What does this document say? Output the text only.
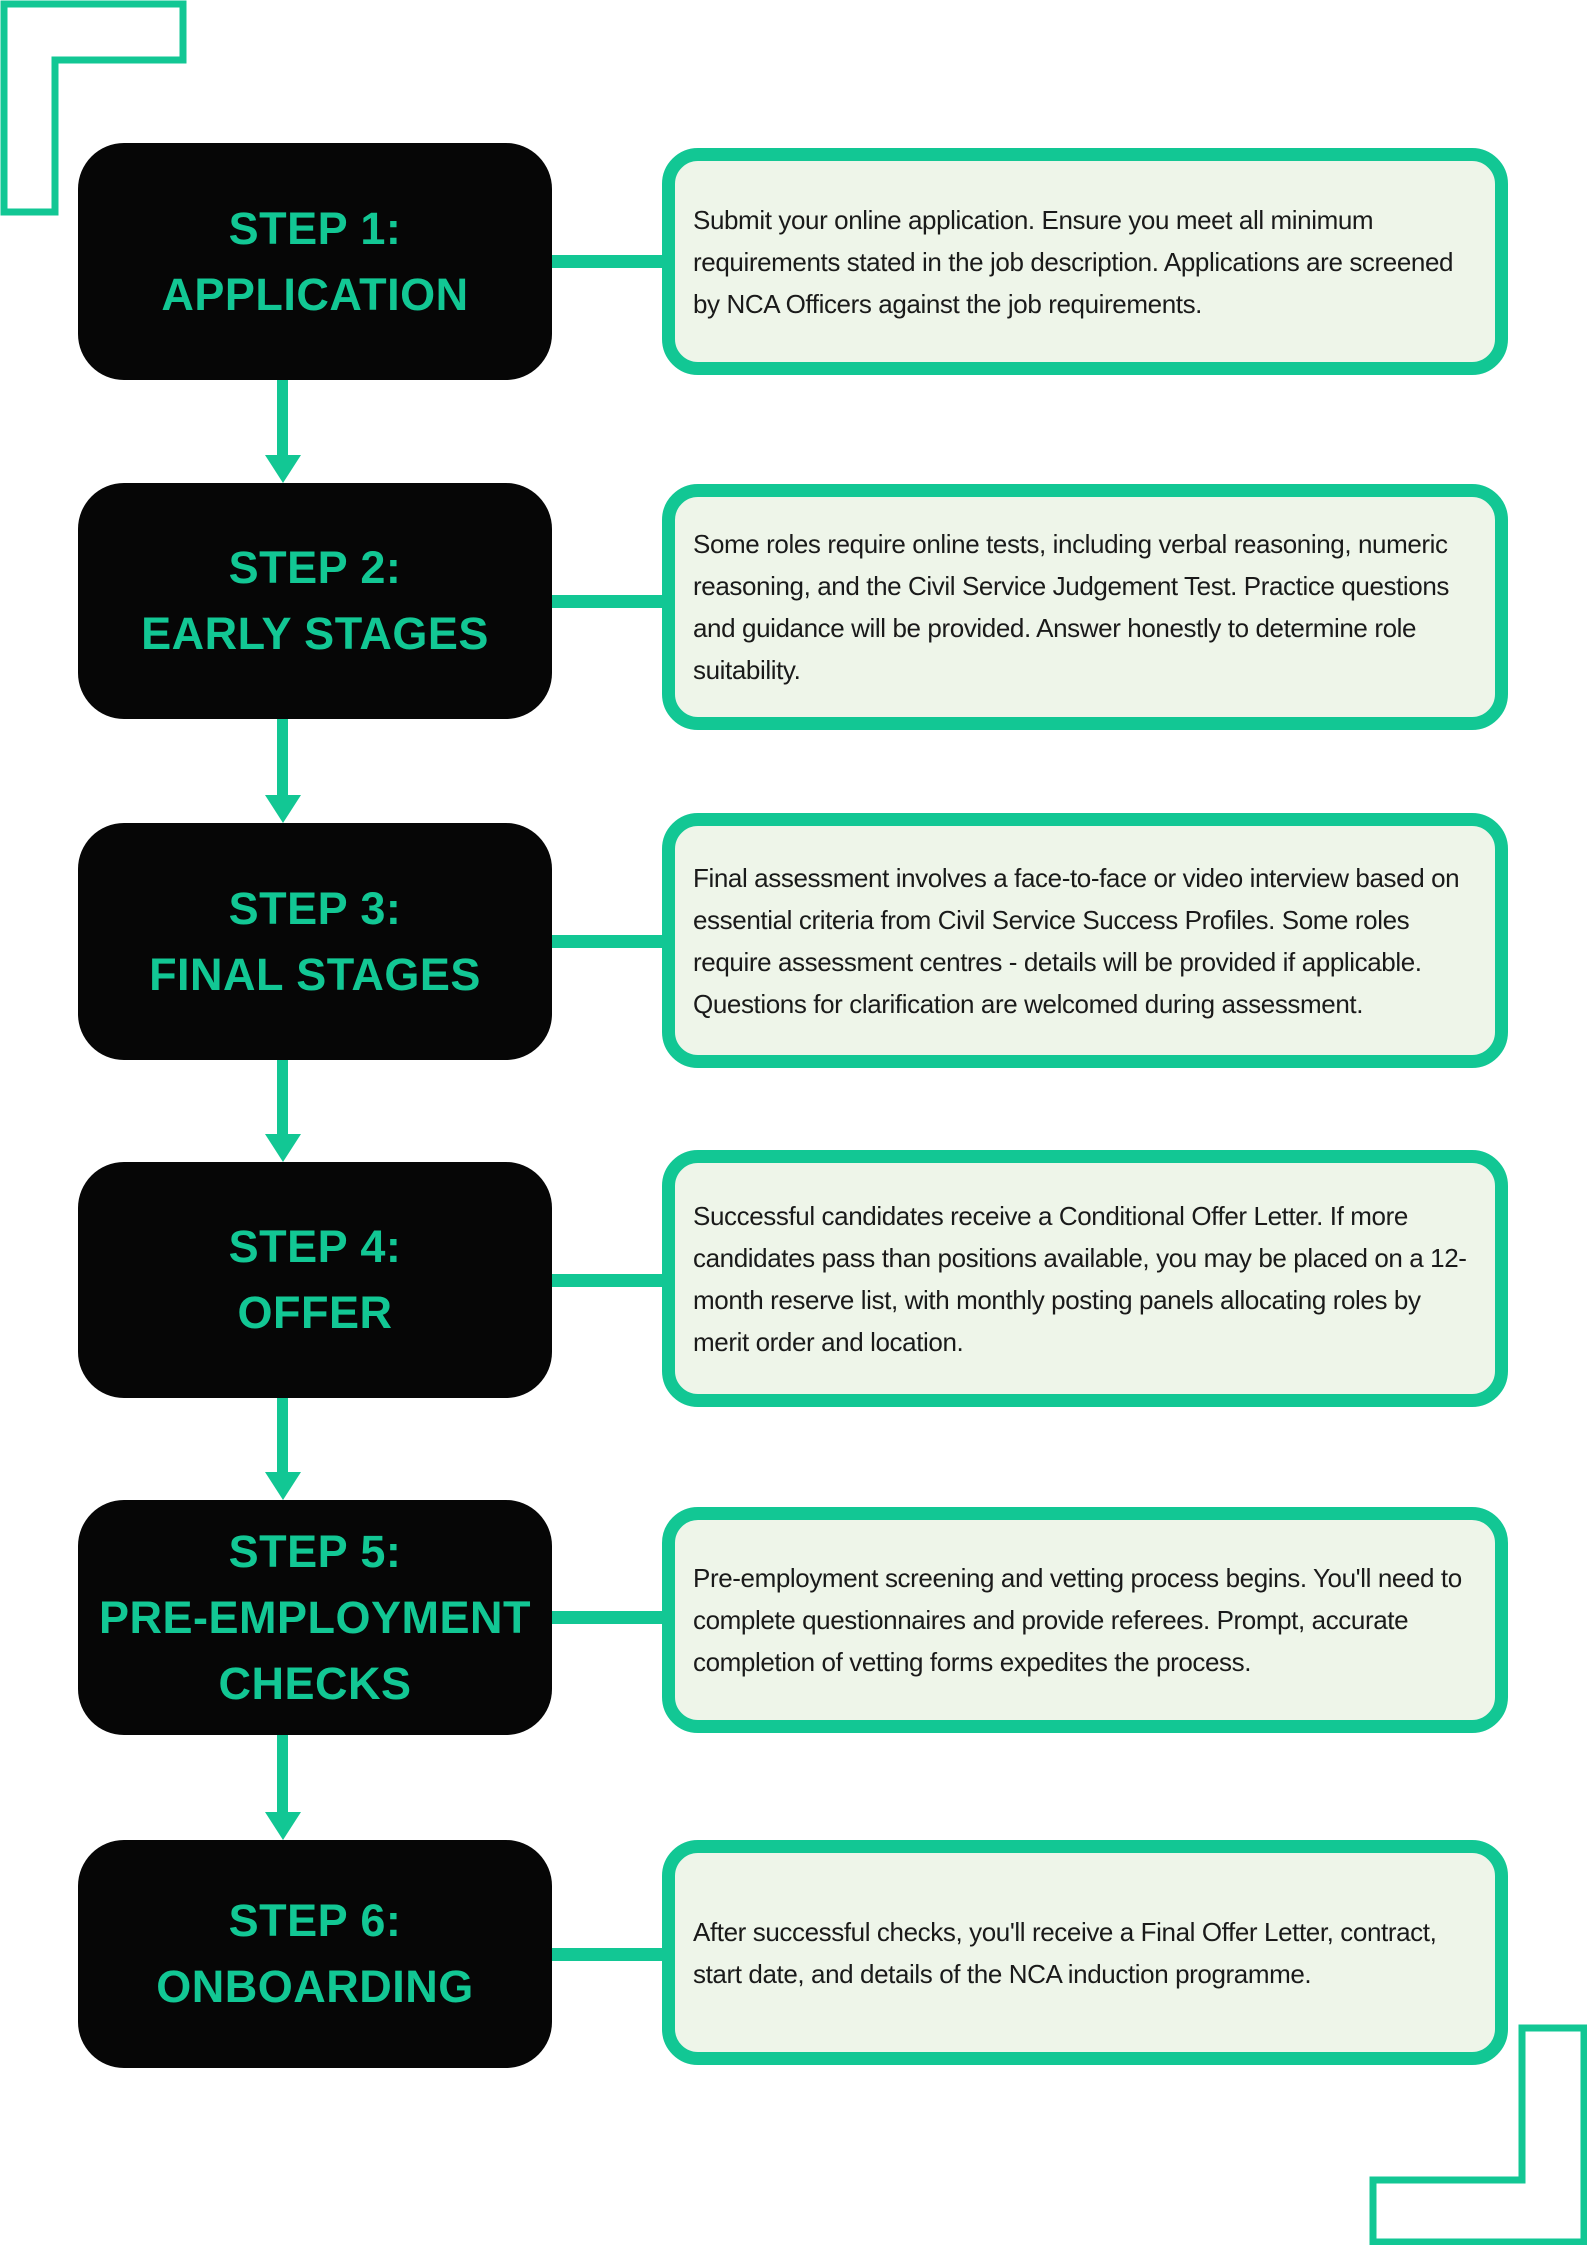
STEP 1:
APPLICATION
Submit your online application. Ensure you meet all minimum requirements stated in the job description. Applications are screened by NCA Officers against the job requirements.
STEP 2:
EARLY STAGES
Some roles require online tests, including verbal reasoning, numeric reasoning, and the Civil Service Judgement Test. Practice questions and guidance will be provided. Answer honestly to determine role suitability.
STEP 3:
FINAL STAGES
Final assessment involves a face-to-face or video interview based on essential criteria from Civil Service Success Profiles. Some roles require assessment centres - details will be provided if applicable. Questions for clarification are welcomed during assessment.
STEP 4:
OFFER
Successful candidates receive a Conditional Offer Letter. If more candidates pass than positions available, you may be placed on a 12-month reserve list, with monthly posting panels allocating roles by merit order and location.
STEP 5:
PRE-EMPLOYMENT CHECKS
Pre-employment screening and vetting process begins. You'll need to complete questionnaires and provide referees. Prompt, accurate completion of vetting forms expedites the process.
STEP 6:
ONBOARDING
After successful checks, you'll receive a Final Offer Letter, contract, start date, and details of the NCA induction programme.
